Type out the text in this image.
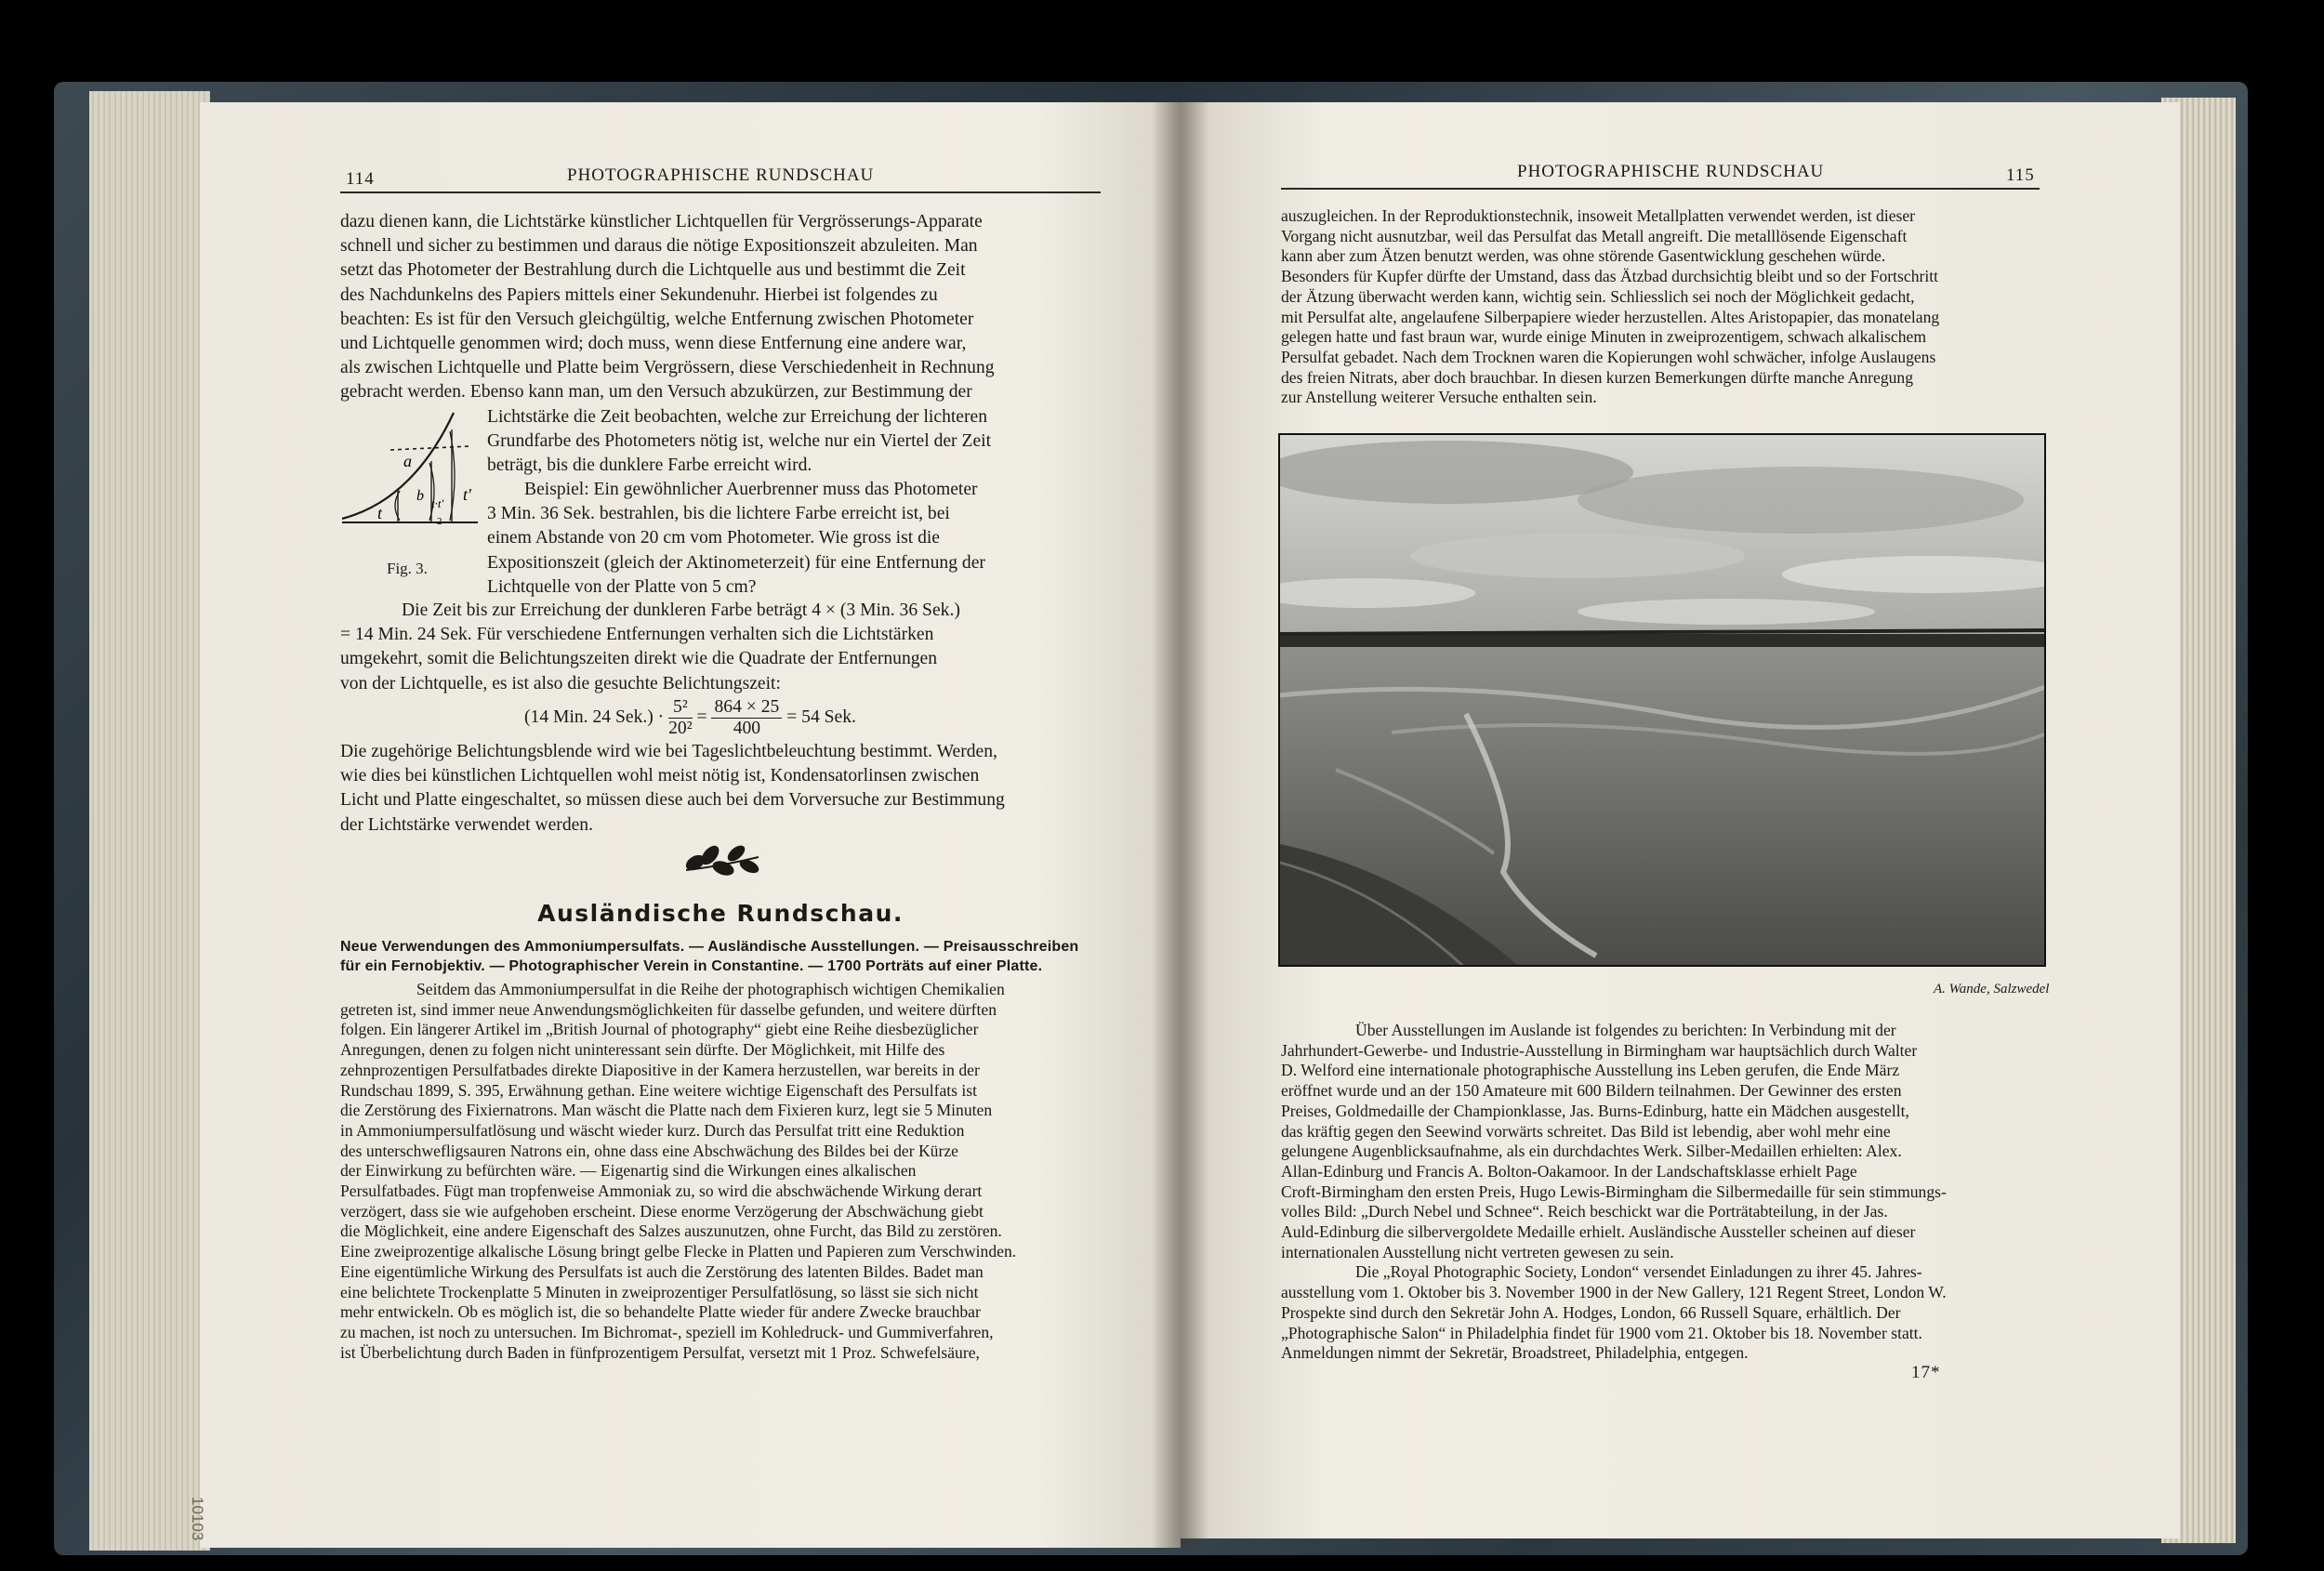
114	PHOTOGRAPHISCHE RUNDSCHAU

dazu dienen kann, die Lichtstärke künstlicher Lichtquellen für Vergrösserungs-Apparate

schnell und sicher zu bestimmen und daraus die nötige Expositionszeit abzuleiten. Man

setzt das Photometer der Bestrahlung durch die Lichtquelle aus und bestimmt die Zeit

des Nachdunkelns des Papiers mittels einer Sekundenuhr. Hierbei ist folgendes zu

beachten: Es ist für den Versuch gleichgültig, welche Entfernung zwischen Photometer

und Lichtquelle genommen wird; doch muss, wenn diese Entfernung eine andere war,

als zwischen Lichtquelle und Platte beim Vergrössern, diese Verschiedenheit in Rechnung

gebracht werden. Ebenso kann man, um den Versuch abzukürzen, zur Bestimmung der

Lichtstärke die Zeit beobachten, welche zur Erreichung der lichteren

Grundfarbe des Photometers nötig ist, welche nur ein Viertel der Zeit

beträgt, bis die dunklere Farbe erreicht wird.

Beispiel: Ein gewöhnlicher Auerbrenner muss das Photometer

3 Min. 36 Sek. bestrahlen, bis die lichtere Farbe erreicht ist, bei

einem Abstande von 20 cm vom Photometer. Wie gross ist die

Expositionszeit (gleich der Aktinometerzeit) für eine Entfernung der

Lichtquelle von der Platte von 5 cm?

a
b
t
t·t'
2
t'
Fig. 3.

Die Zeit bis zur Erreichung der dunkleren Farbe beträgt 4 × (3 Min. 36 Sek.)

= 14 Min. 24 Sek. Für verschiedene Entfernungen verhalten sich die Lichtstärken

umgekehrt, somit die Belichtungszeiten direkt wie die Quadrate der Entfernungen

von der Lichtquelle, es ist also die gesuchte Belichtungszeit:

(14 Min. 24 $Sek.) \cdot \frac{\text{5²}}{\text{20²}} = \frac{864 \times 25}{400} = 54$ Sek.

Die zugehörige Belichtungsblende wird wie bei Tageslichtbeleuchtung bestimmt. Werden,

wie dies bei künstlichen Lichtquellen wohl meist nötig ist, Kondensatorlinsen zwischen

Licht und Platte eingeschaltet, so müssen diese auch bei dem Vorversuche zur Bestimmung

der Lichtstärke verwendet werden.

Ausländische Rundschau.

Neue Verwendungen des Ammoniumpersulfats. — Ausländische Ausstellungen. — Preisausschreiben

für ein Fernobjektiv. — Photographischer Verein in Constantine. — 1700 Porträts auf einer Platte.

Seitdem das Ammoniumpersulfat in die Reihe der photographisch wichtigen Chemikalien

getreten ist, sind immer neue Anwendungsmöglichkeiten für dasselbe gefunden, und weitere dürften

folgen. Ein längerer Artikel im „British Journal of photography“ giebt eine Reihe diesbezüglicher

Anregungen, denen zu folgen nicht uninteressant sein dürfte. Der Möglichkeit, mit Hilfe des

zehnprozentigen Persulfatbades direkte Diapositive in der Kamera herzustellen, war bereits in der

Rundschau 1899, S. 395, Erwähnung gethan. Eine weitere wichtige Eigenschaft des Persulfats ist

die Zerstörung des Fixiernatrons. Man wäscht die Platte nach dem Fixieren kurz, legt sie 5 Minuten

in Ammoniumpersulfatlösung und wäscht wieder kurz. Durch das Persulfat tritt eine Reduktion

des unterschwefligsauren Natrons ein, ohne dass eine Abschwächung des Bildes bei der Kürze

der Einwirkung zu befürchten wäre. — Eigenartig sind die Wirkungen eines alkalischen

Persulfatbades. Fügt man tropfenweise Ammoniak zu, so wird die abschwächende Wirkung derart

verzögert, dass sie wie aufgehoben erscheint. Diese enorme Verzögerung der Abschwächung giebt

die Möglichkeit, eine andere Eigenschaft des Salzes auszunutzen, ohne Furcht, das Bild zu zerstören.

Eine zweiprozentige alkalische Lösung bringt gelbe Flecke in Platten und Papieren zum Verschwinden.

Eine eigentümliche Wirkung des Persulfats ist auch die Zerstörung des latenten Bildes. Badet man

eine belichtete Trockenplatte 5 Minuten in zweiprozentiger Persulfatlösung, so lässt sie sich nicht

mehr entwickeln. Ob es möglich ist, die so behandelte Platte wieder für andere Zwecke brauchbar

zu machen, ist noch zu untersuchen. Im Bichromat-, speziell im Kohledruck- und Gummiverfahren,

ist Überbelichtung durch Baden in fünfprozentigem Persulfat, versetzt mit 1 Proz. Schwefelsäure,

10103
PHOTOGRAPHISCHE RUNDSCHAU	115

auszugleichen. In der Reproduktionstechnik, insoweit Metallplatten verwendet werden, ist dieser

Vorgang nicht ausnutzbar, weil das Persulfat das Metall angreift. Die metalllösende Eigenschaft

kann aber zum Ätzen benutzt werden, was ohne störende Gasentwicklung geschehen würde.

Besonders für Kupfer dürfte der Umstand, dass das Ätzbad durchsichtig bleibt und so der Fortschritt

der Ätzung überwacht werden kann, wichtig sein. Schliesslich sei noch der Möglichkeit gedacht,

mit Persulfat alte, angelaufene Silberpapiere wieder herzustellen. Altes Aristopapier, das monatelang

gelegen hatte und fast braun war, wurde einige Minuten in zweiprozentigem, schwach alkalischem

Persulfat gebadet. Nach dem Trocknen waren die Kopierungen wohl schwächer, infolge Auslaugens

des freien Nitrats, aber doch brauchbar. In diesen kurzen Bemerkungen dürfte manche Anregung

zur Anstellung weiterer Versuche enthalten sein.

A. Wande, Salzwedel

Über Ausstellungen im Auslande ist folgendes zu berichten: In Verbindung mit der

Jahrhundert-Gewerbe- und Industrie-Ausstellung in Birmingham war hauptsächlich durch Walter

D. Welford eine internationale photographische Ausstellung ins Leben gerufen, die Ende März

eröffnet wurde und an der 150 Amateure mit 600 Bildern teilnahmen. Der Gewinner des ersten

Preises, Goldmedaille der Championklasse, Jas. Burns-Edinburg, hatte ein Mädchen ausgestellt,

das kräftig gegen den Seewind vorwärts schreitet. Das Bild ist lebendig, aber wohl mehr eine

gelungene Augenblicksaufnahme, als ein durchdachtes Werk. Silber-Medaillen erhielten: Alex.

Allan-Edinburg und Francis A. Bolton-Oakamoor. In der Landschaftsklasse erhielt Page

Croft-Birmingham den ersten Preis, Hugo Lewis-Birmingham die Silbermedaille für sein stimmungs-

volles Bild: „Durch Nebel und Schnee“. Reich beschickt war die Porträtabteilung, in der Jas.

Auld-Edinburg die silbervergoldete Medaille erhielt. Ausländische Aussteller scheinen auf dieser

internationalen Ausstellung nicht vertreten gewesen zu sein.

Die „Royal Photographic Society, London“ versendet Einladungen zu ihrer 45. Jahres-

ausstellung vom 1. Oktober bis 3. November 1900 in der New Gallery, 121 Regent Street, London W.

Prospekte sind durch den Sekretär John A. Hodges, London, 66 Russell Square, erhältlich. Der

„Photographische Salon“ in Philadelphia findet für 1900 vom 21. Oktober bis 18. November statt.

Anmeldungen nimmt der Sekretär, Broadstreet, Philadelphia, entgegen.

17*
